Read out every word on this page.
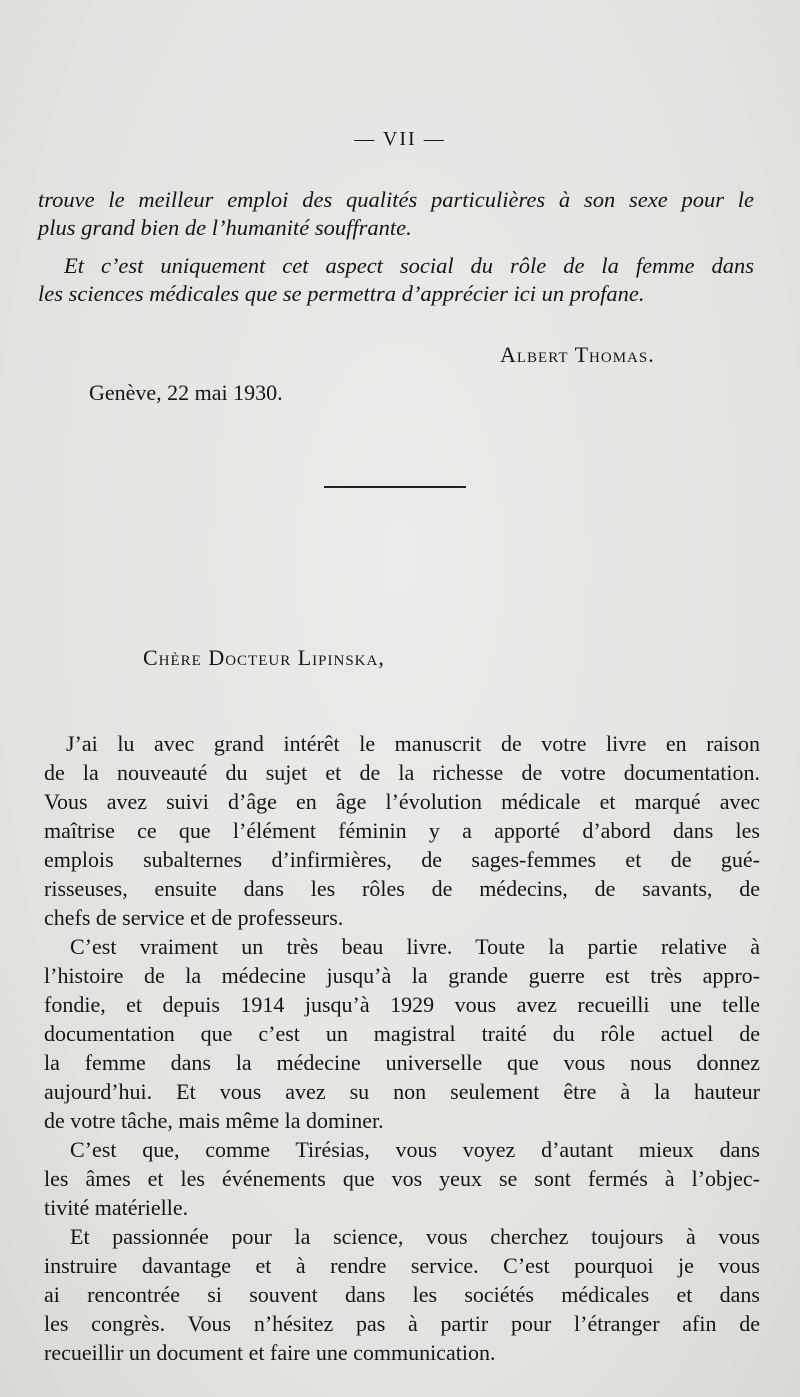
— VII —
trouve le meilleur emploi des qualités particulières à son sexe pour le
plus grand bien de l’humanité souffrante.
Et c’est uniquement cet aspect social du rôle de la femme dans
les sciences médicales que se permettra d’apprécier ici un profane.
Albert Thomas.
Genève, 22 mai 1930.
Chère Docteur Lipinska,
J’ai lu avec grand intérêt le manuscrit de votre livre en raison
de la nouveauté du sujet et de la richesse de votre documentation.
Vous avez suivi d’âge en âge l’évolution médicale et marqué avec
maîtrise ce que l’élément féminin y a apporté d’abord dans les
emplois subalternes d’infirmières, de sages-femmes et de gué-
risseuses, ensuite dans les rôles de médecins, de savants, de
chefs de service et de professeurs.
C’est vraiment un très beau livre. Toute la partie relative à
l’histoire de la médecine jusqu’à la grande guerre est très appro-
fondie, et depuis 1914 jusqu’à 1929 vous avez recueilli une telle
documentation que c’est un magistral traité du rôle actuel de
la femme dans la médecine universelle que vous nous donnez
aujourd’hui. Et vous avez su non seulement être à la hauteur
de votre tâche, mais même la dominer.
C’est que, comme Tirésias, vous voyez d’autant mieux dans
les âmes et les événements que vos yeux se sont fermés à l’objec-
tivité matérielle.
Et passionnée pour la science, vous cherchez toujours à vous
instruire davantage et à rendre service. C’est pourquoi je vous
ai rencontrée si souvent dans les sociétés médicales et dans
les congrès. Vous n’hésitez pas à partir pour l’étranger afin de
recueillir un document et faire une communication.
